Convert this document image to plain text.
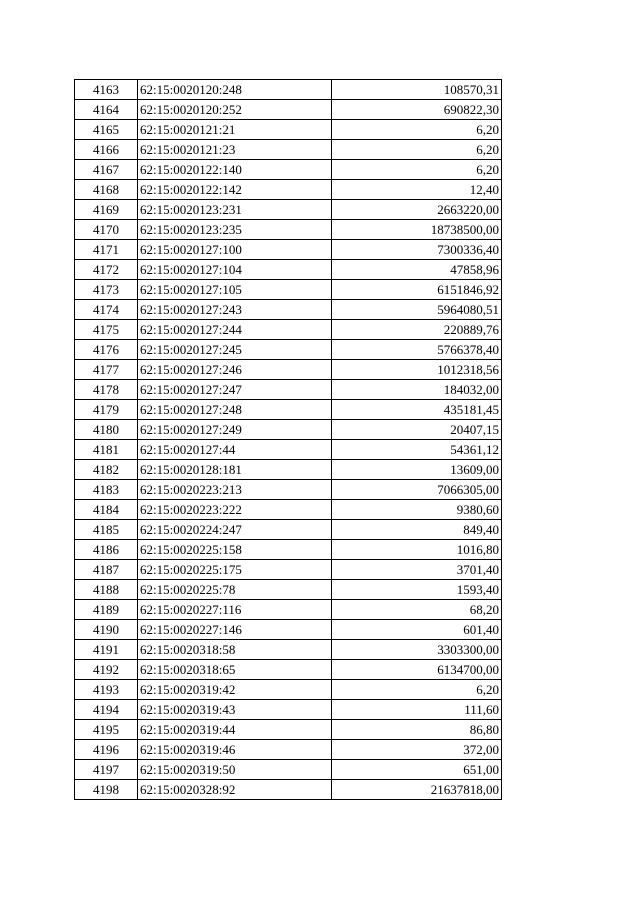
4163	62:15:0020120:248	108570,31
4164	62:15:0020120:252	690822,30
4165	62:15:0020121:21	6,20
4166	62:15:0020121:23	6,20
4167	62:15:0020122:140	6,20
4168	62:15:0020122:142	12,40
4169	62:15:0020123:231	2663220,00
4170	62:15:0020123:235	18738500,00
4171	62:15:0020127:100	7300336,40
4172	62:15:0020127:104	47858,96
4173	62:15:0020127:105	6151846,92
4174	62:15:0020127:243	5964080,51
4175	62:15:0020127:244	220889,76
4176	62:15:0020127:245	5766378,40
4177	62:15:0020127:246	1012318,56
4178	62:15:0020127:247	184032,00
4179	62:15:0020127:248	435181,45
4180	62:15:0020127:249	20407,15
4181	62:15:0020127:44	54361,12
4182	62:15:0020128:181	13609,00
4183	62:15:0020223:213	7066305,00
4184	62:15:0020223:222	9380,60
4185	62:15:0020224:247	849,40
4186	62:15:0020225:158	1016,80
4187	62:15:0020225:175	3701,40
4188	62:15:0020225:78	1593,40
4189	62:15:0020227:116	68,20
4190	62:15:0020227:146	601,40
4191	62:15:0020318:58	3303300,00
4192	62:15:0020318:65	6134700,00
4193	62:15:0020319:42	6,20
4194	62:15:0020319:43	111,60
4195	62:15:0020319:44	86,80
4196	62:15:0020319:46	372,00
4197	62:15:0020319:50	651,00
4198	62:15:0020328:92	21637818,00
